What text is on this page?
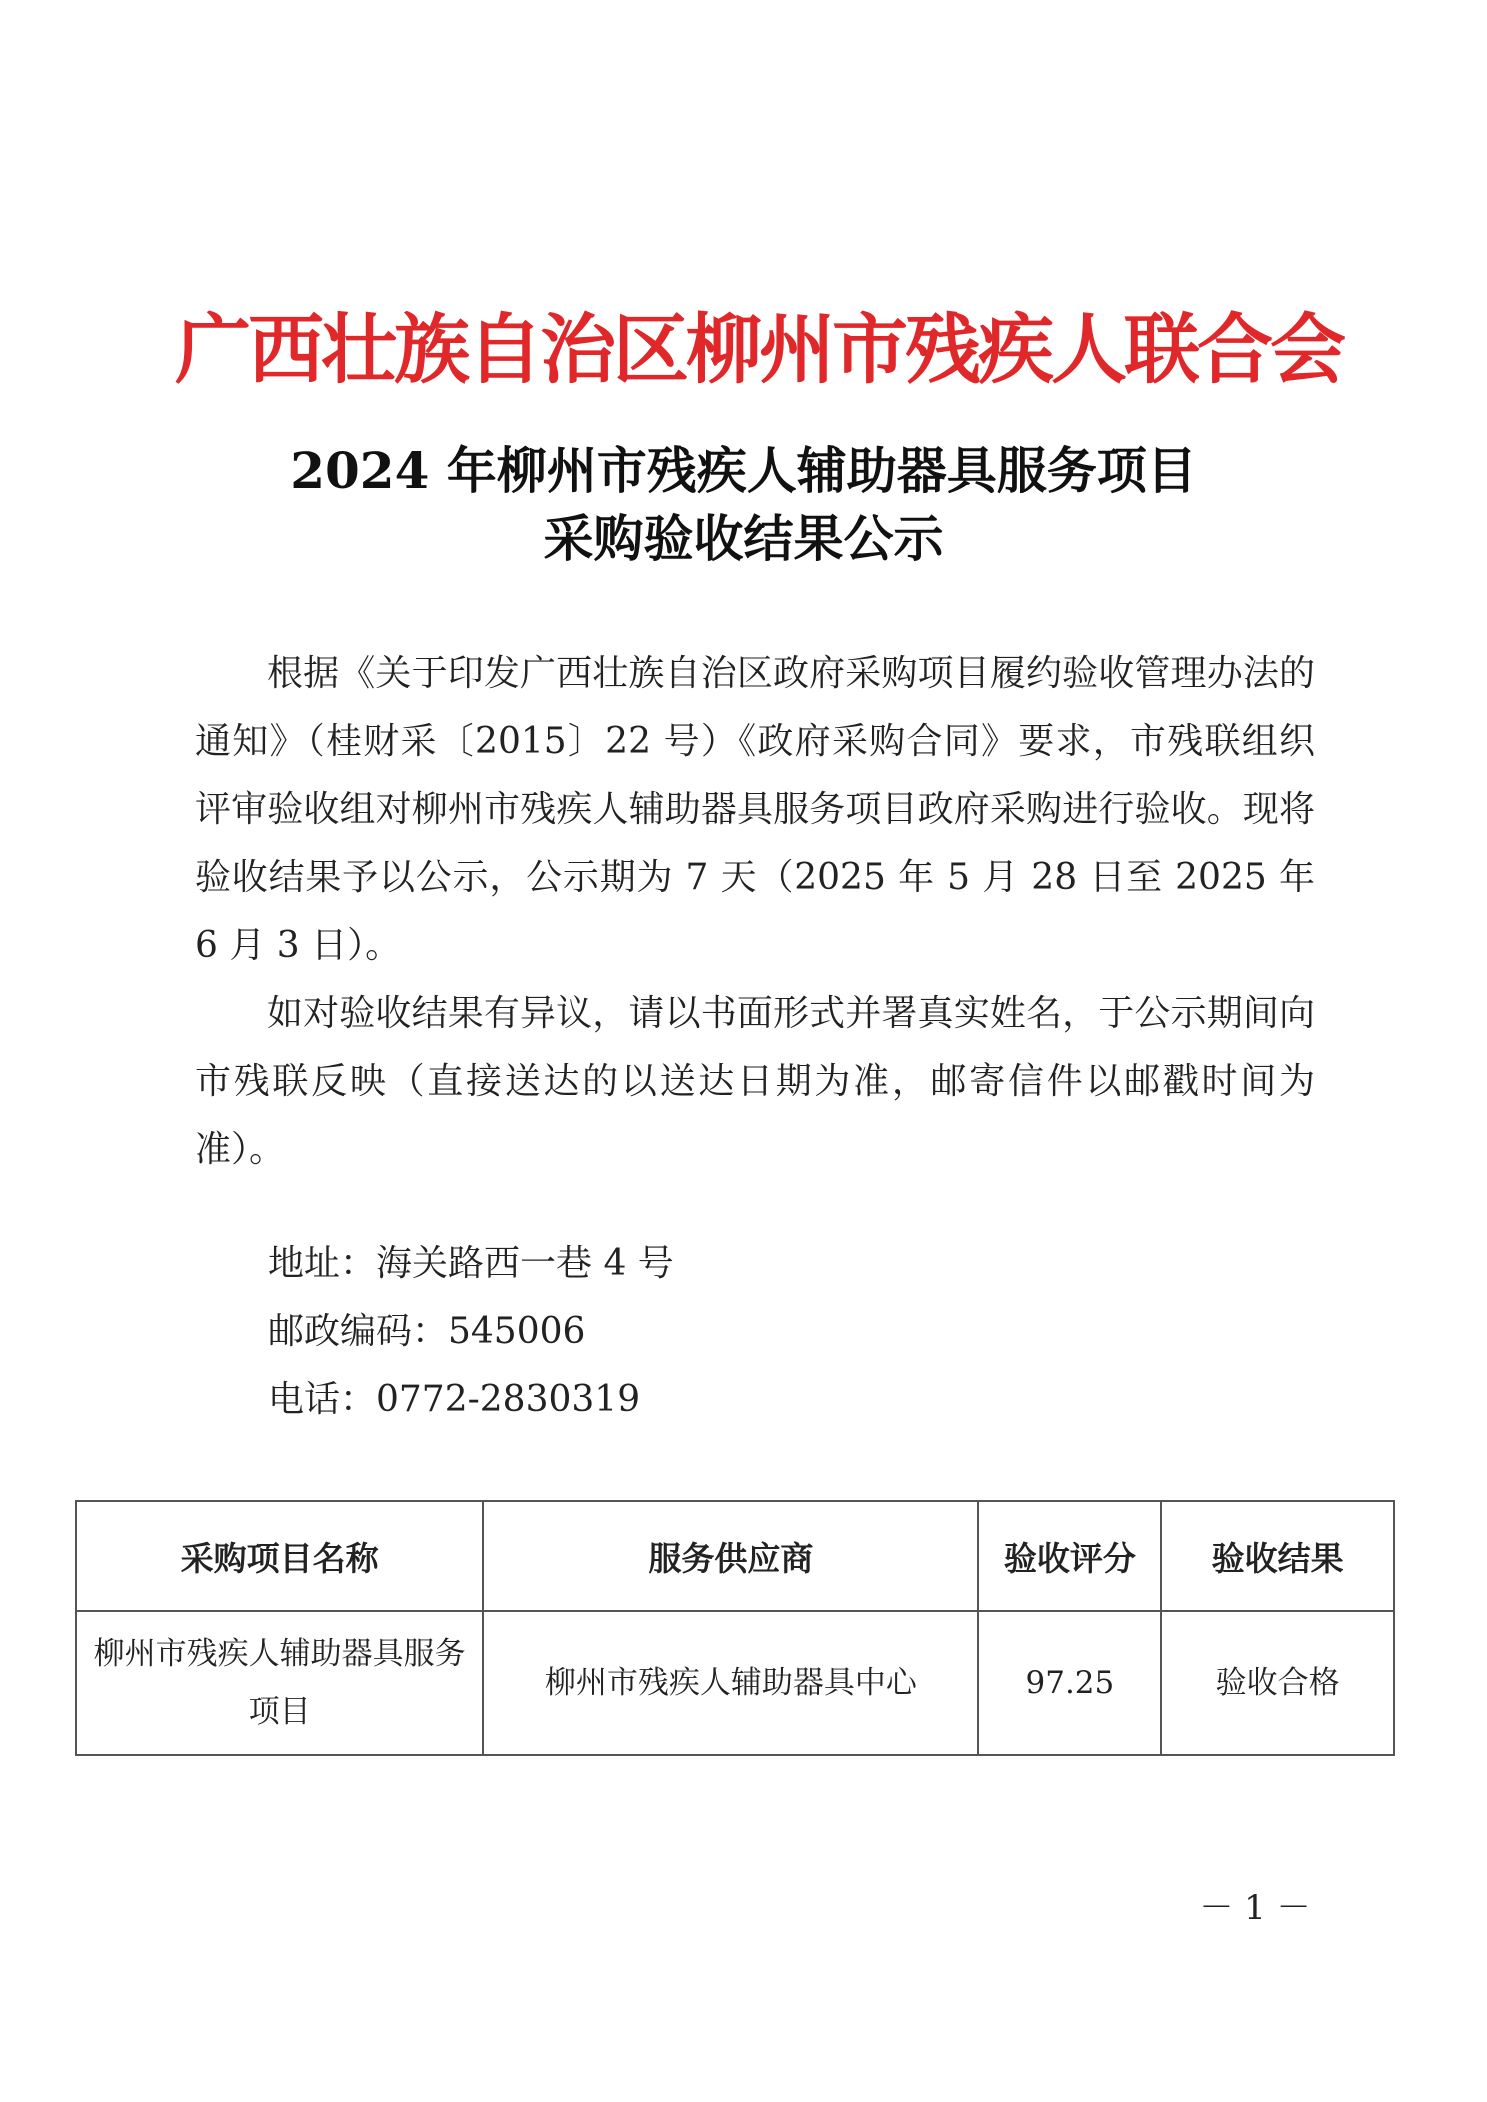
广西壮族自治区柳州市残疾人联合会
2024 年柳州市残疾人辅助器具服务项目
采购验收结果公示

根据《关于印发广西壮族自治区政府采购项目履约验收管理办法的通知》（桂财采〔2015〕22 号）《政府采购合同》要求，市残联组织评审验收组对柳州市残疾人辅助器具服务项目政府采购进行验收。现将验收结果予以公示，公示期为 7 天（2025 年 5 月 28 日至 2025 年 6 月 3 日）。

如对验收结果有异议，请以书面形式并署真实姓名，于公示期间向市残联反映（直接送达的以送达日期为准，邮寄信件以邮戳时间为准）。

地址：海关路西一巷 4 号
邮政编码：545006
电话：0772-2830319
采购项目名称	服务供应商	验收评分	验收结果
柳州市残疾人辅助器具服务项目	柳州市残疾人辅助器具中心	97.25	验收合格
－ 1 －
